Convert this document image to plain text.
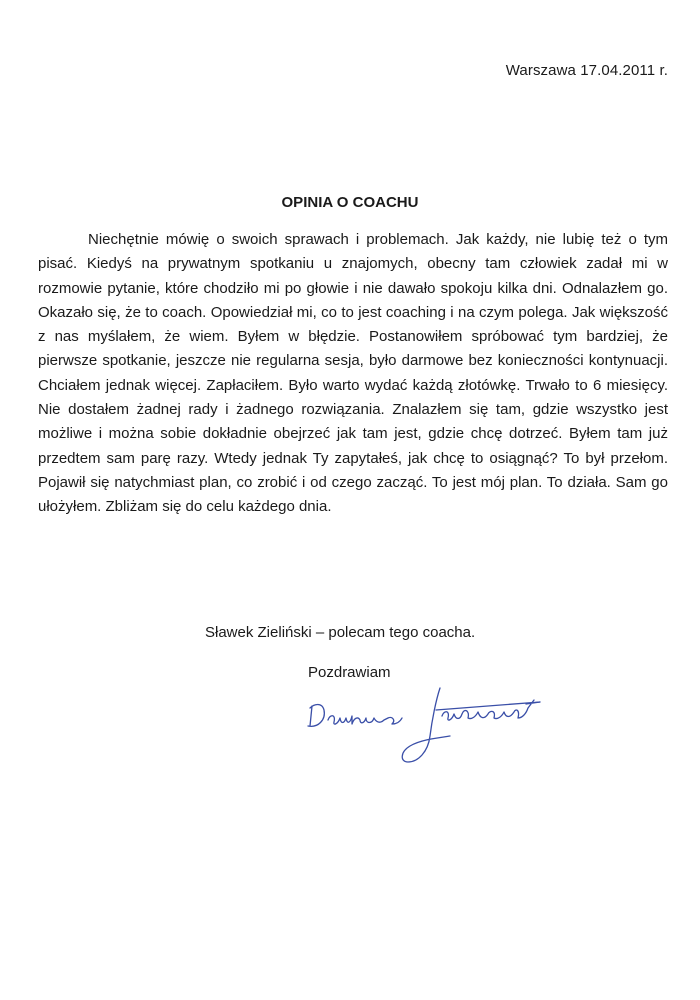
Warszawa 17.04.2011 r.
OPINIA O COACHU

Niechętnie mówię o swoich sprawach i problemach. Jak każdy, nie lubię też o tym pisać. Kiedyś na prywatnym spotkaniu u znajomych, obecny tam człowiek zadał mi w rozmowie pytanie, które chodziło mi po głowie i nie dawało spokoju kilka dni. Odnalazłem go. Okazało się, że to coach. Opowiedział mi, co to jest coaching i na czym polega. Jak większość z nas myślałem, że wiem. Byłem w błędzie. Postanowiłem spróbować tym bardziej, że pierwsze spotkanie, jeszcze nie regularna sesja, było darmowe bez konieczności kontynuacji. Chciałem jednak więcej. Zapłaciłem. Było warto wydać każdą złotówkę. Trwało to 6 miesięcy. Nie dostałem żadnej rady i żadnego rozwiązania. Znalazłem się tam, gdzie wszystko jest możliwe i można sobie dokładnie obejrzeć jak tam jest, gdzie chcę dotrzeć. Byłem tam już przedtem sam parę razy. Wtedy jednak Ty zapytałeś, jak chcę to osiągnąć? To był przełom. Pojawił się natychmiast plan, co zrobić i od czego zacząć. To jest mój plan. To działa. Sam go ułożyłem. Zbliżam się do celu każdego dnia.

Sławek Zieliński – polecam tego coacha.
Pozdrawiam
